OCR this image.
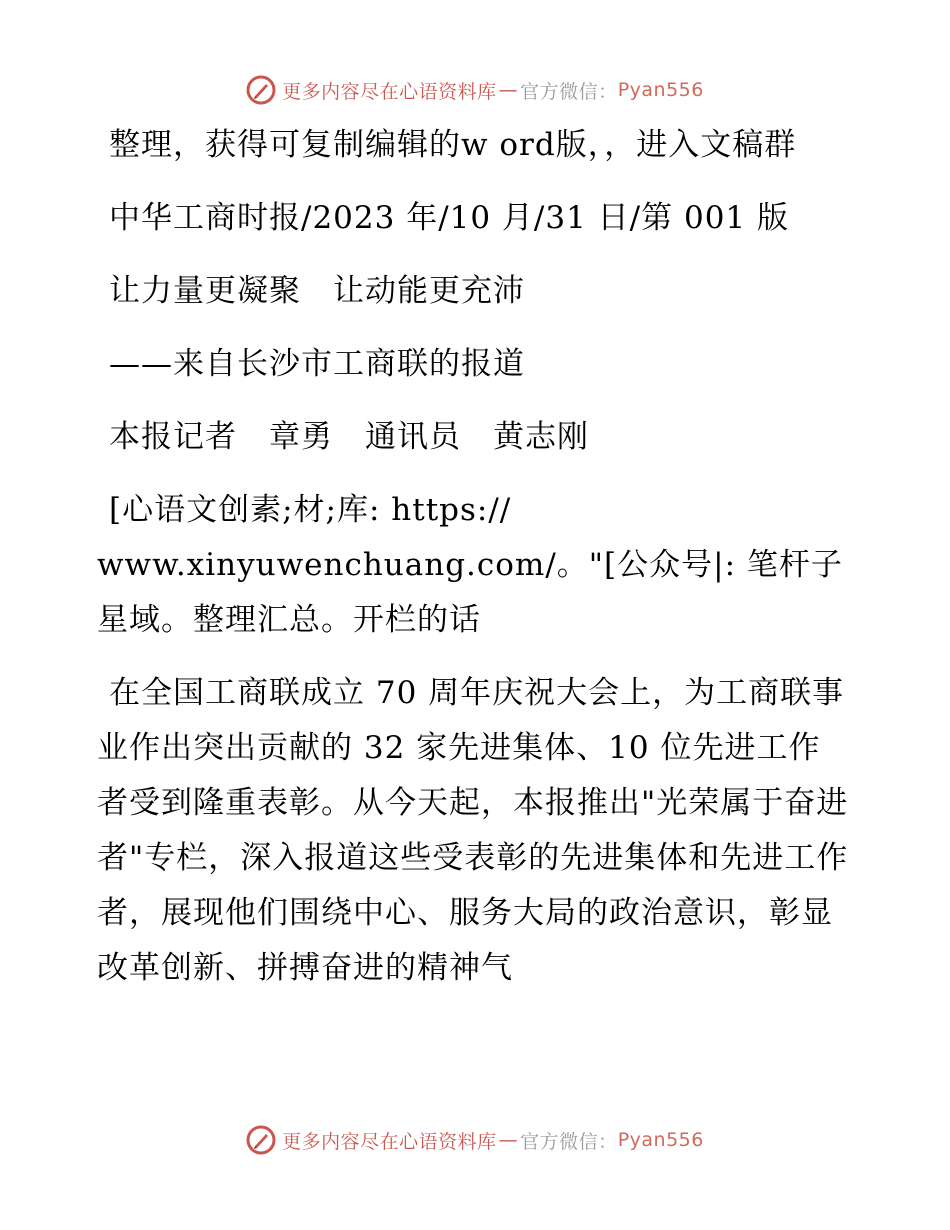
更多内容尽在心语资料库 — 官方微信： Pyan556

整理，获得可复制编辑的w ord版，，进入文稿群

中华工商时报/2023 年/10 月/31 日/第 001 版

让力量更凝聚　让动能更充沛

——来自长沙市工商联的报道

本报记者　章勇　通讯员　黄志刚

[心语文创素;材;库: https://

www.xinyuwenchuang.com/。"[公众号|: 笔杆子星域。整理汇总。开栏的话

在全国工商联成立 70 周年庆祝大会上，为工商联事业作出突出贡献的 32 家先进集体、10 位先进工作者受到隆重表彰。从今天起，本报推出"光荣属于奋进者"专栏，深入报道这些受表彰的先进集体和先进工作者，展现他们围绕中心、服务大局的政治意识，彰显改革创新、拼搏奋进的精神气

更多内容尽在心语资料库 — 官方微信： Pyan556
